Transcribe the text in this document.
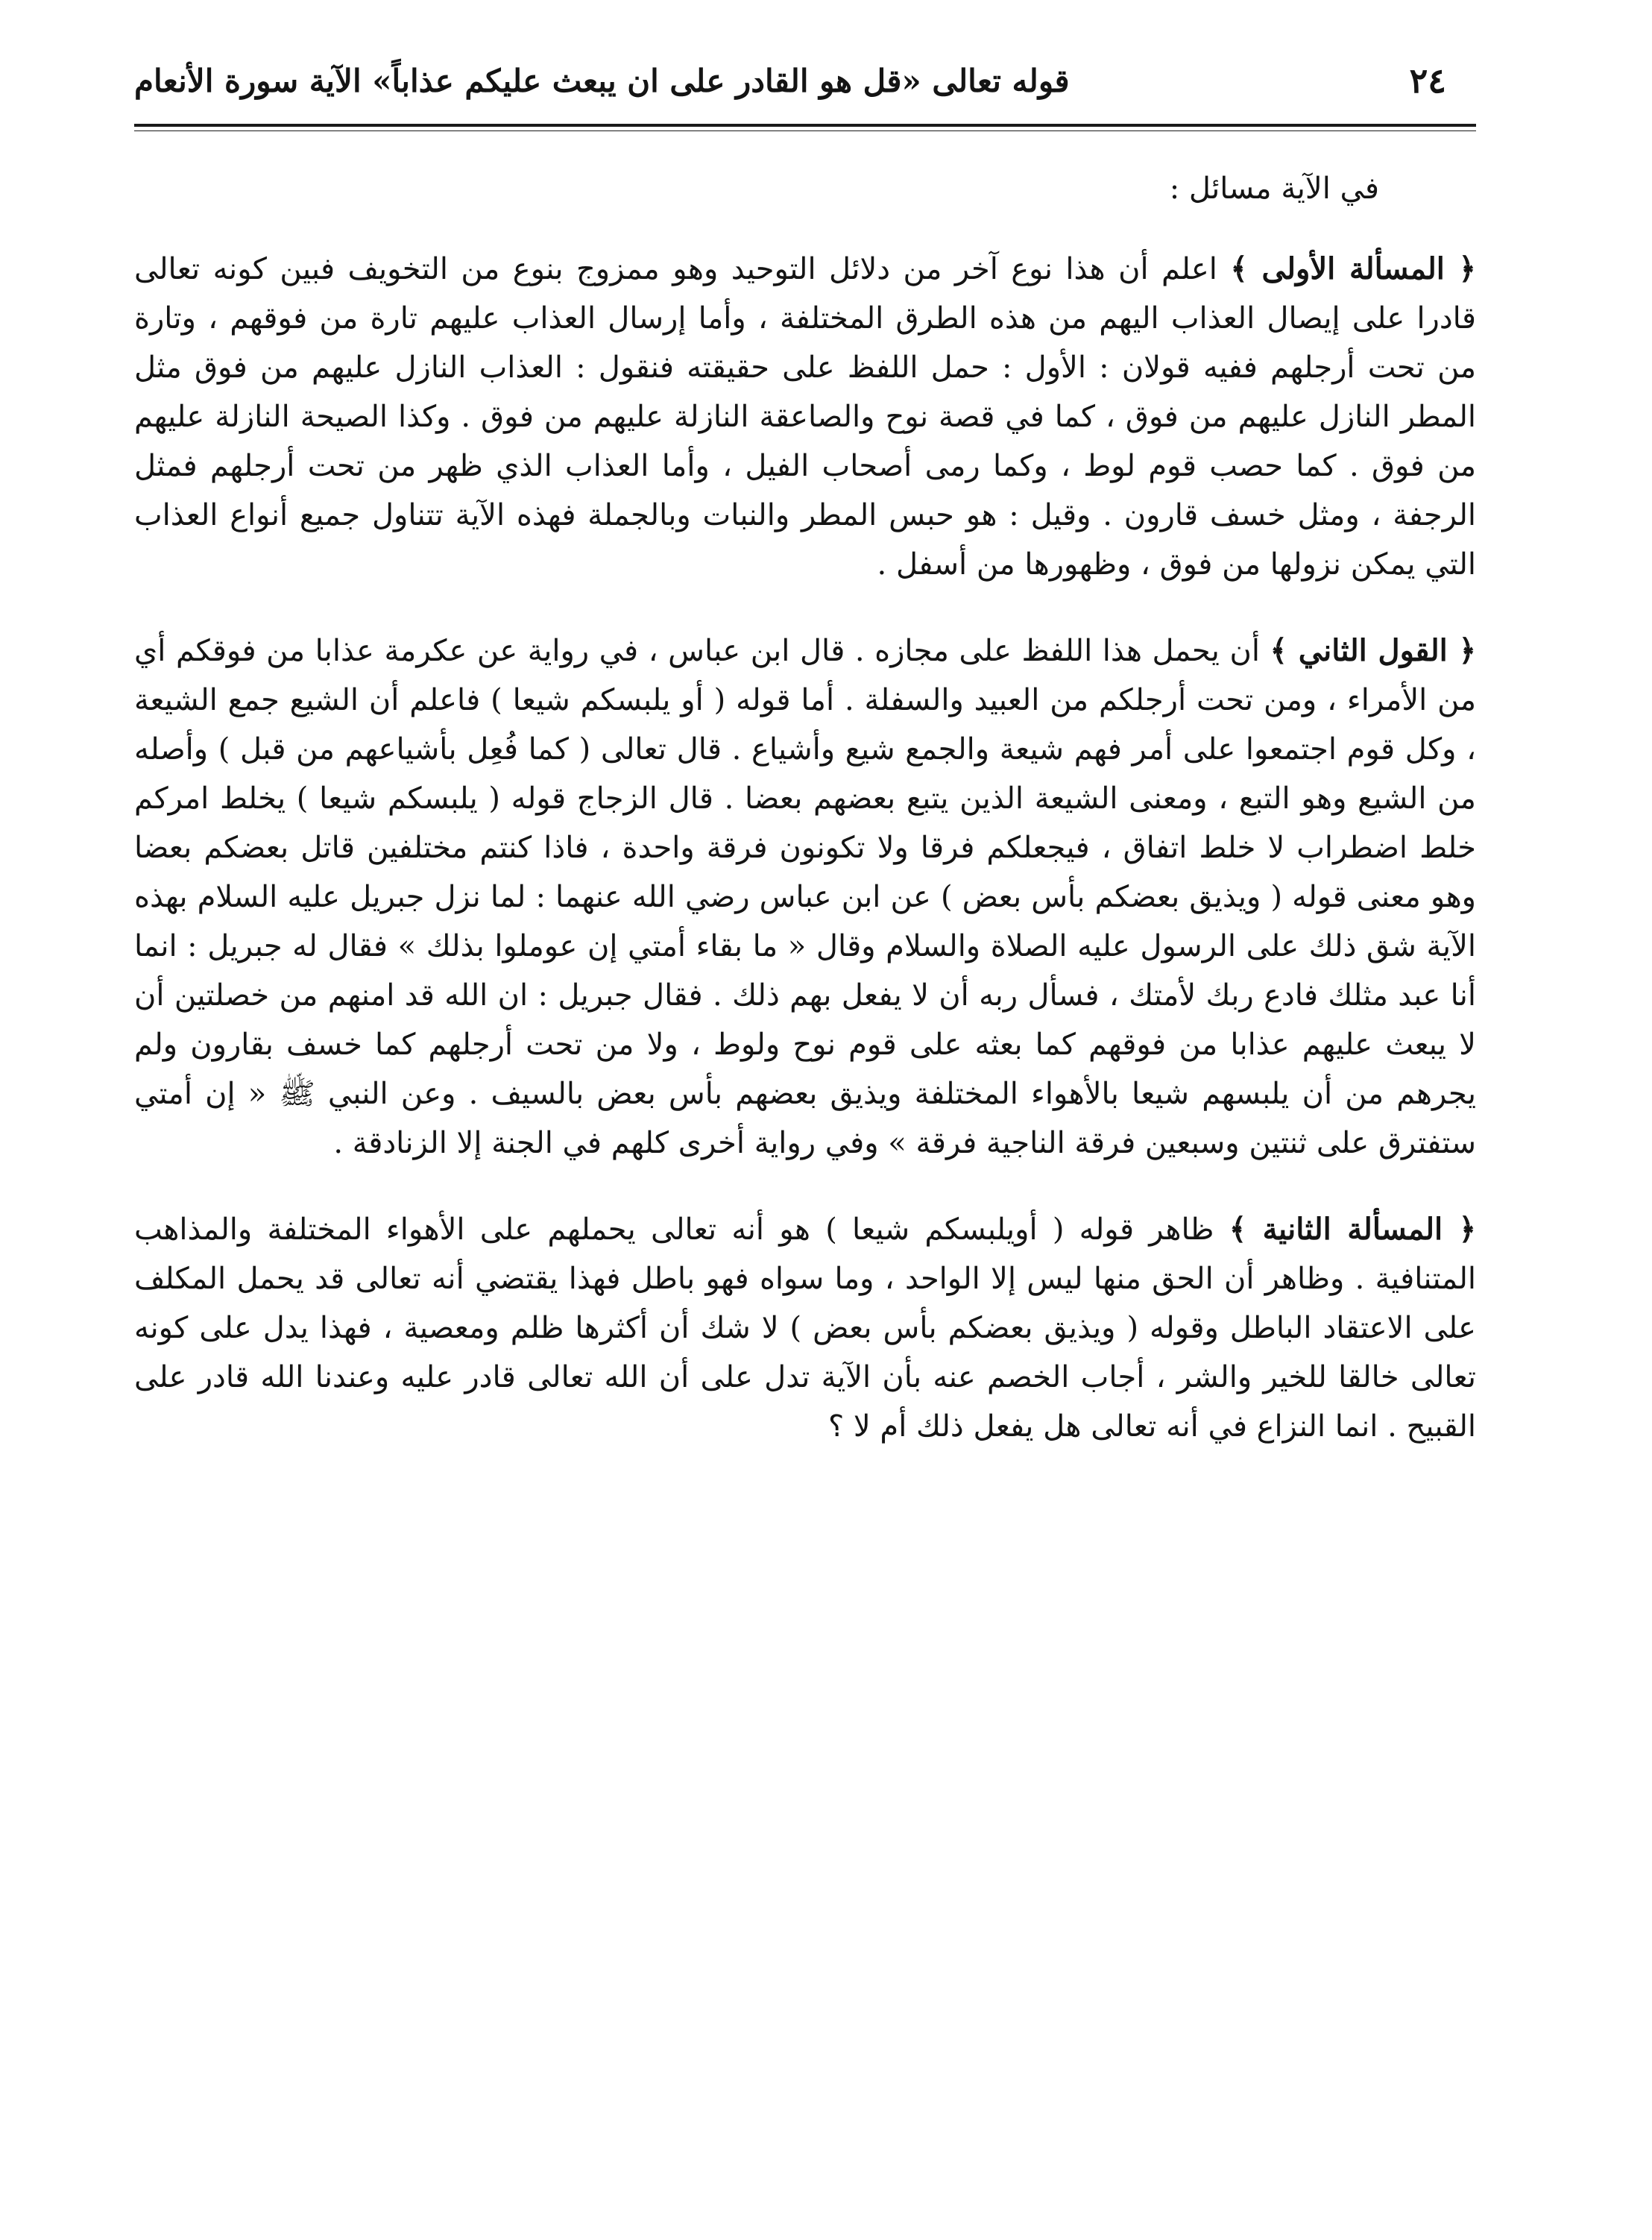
٢٤
قوله تعالى «قل هو القادر على ان يبعث عليكم عذاباً» الآية سورة الأنعام

في الآية مسائل :

﴿ المسألة الأولى ﴾ اعلم أن هذا نوع آخر من دلائل التوحيد وهو ممزوج بنوع من التخويف فبين كونه تعالى قادرا على إيصال العذاب اليهم من هذه الطرق المختلفة ، وأما إرسال العذاب عليهم تارة من فوقهم ، وتارة من تحت أرجلهم ففيه قولان : الأول : حمل اللفظ على حقيقته فنقول : العذاب النازل عليهم من فوق مثل المطر النازل عليهم من فوق ، كما في قصة نوح والصاعقة النازلة عليهم من فوق . وكذا الصيحة النازلة عليهم من فوق . كما حصب قوم لوط ، وكما رمى أصحاب الفيل ، وأما العذاب الذي ظهر من تحت أرجلهم فمثل الرجفة ، ومثل خسف قارون . وقيل : هو حبس المطر والنبات وبالجملة فهذه الآية تتناول جميع أنواع العذاب التي يمكن نزولها من فوق ، وظهورها من أسفل .

﴿ القول الثاني ﴾ أن يحمل هذا اللفظ على مجازه . قال ابن عباس ، في رواية عن عكرمة عذابا من فوقكم أي من الأمراء ، ومن تحت أرجلكم من العبيد والسفلة . أما قوله ( أو يلبسكم شيعا ) فاعلم أن الشيع جمع الشيعة ، وكل قوم اجتمعوا على أمر فهم شيعة والجمع شيع وأشياع . قال تعالى ( كما فُعِل بأشياعهم من قبل ) وأصله من الشيع وهو التبع ، ومعنى الشيعة الذين يتبع بعضهم بعضا . قال الزجاج قوله ( يلبسكم شيعا ) يخلط امركم خلط اضطراب لا خلط اتفاق ، فيجعلكم فرقا ولا تكونون فرقة واحدة ، فاذا كنتم مختلفين قاتل بعضكم بعضا وهو معنى قوله ( ويذيق بعضكم بأس بعض ) عن ابن عباس رضي الله عنهما : لما نزل جبريل عليه السلام بهذه الآية شق ذلك على الرسول عليه الصلاة والسلام وقال « ما بقاء أمتي إن عوملوا بذلك » فقال له جبريل : انما أنا عبد مثلك فادع ربك لأمتك ، فسأل ربه أن لا يفعل بهم ذلك . فقال جبريل : ان الله قد امنهم من خصلتين أن لا يبعث عليهم عذابا من فوقهم كما بعثه على قوم نوح ولوط ، ولا من تحت أرجلهم كما خسف بقارون ولم يجرهم من أن يلبسهم شيعا بالأهواء المختلفة ويذيق بعضهم بأس بعض بالسيف . وعن النبي ﷺ « إن أمتي ستفترق على ثنتين وسبعين فرقة الناجية فرقة » وفي رواية أخرى كلهم في الجنة إلا الزنادقة .

﴿ المسألة الثانية ﴾ ظاهر قوله ( أويلبسكم شيعا ) هو أنه تعالى يحملهم على الأهواء المختلفة والمذاهب المتنافية . وظاهر أن الحق منها ليس إلا الواحد ، وما سواه فهو باطل فهذا يقتضي أنه تعالى قد يحمل المكلف على الاعتقاد الباطل وقوله ( ويذيق بعضكم بأس بعض ) لا شك أن أكثرها ظلم ومعصية ، فهذا يدل على كونه تعالى خالقا للخير والشر ، أجاب الخصم عنه بأن الآية تدل على أن الله تعالى قادر عليه وعندنا الله قادر على القبيح . انما النزاع في أنه تعالى هل يفعل ذلك أم لا ؟
